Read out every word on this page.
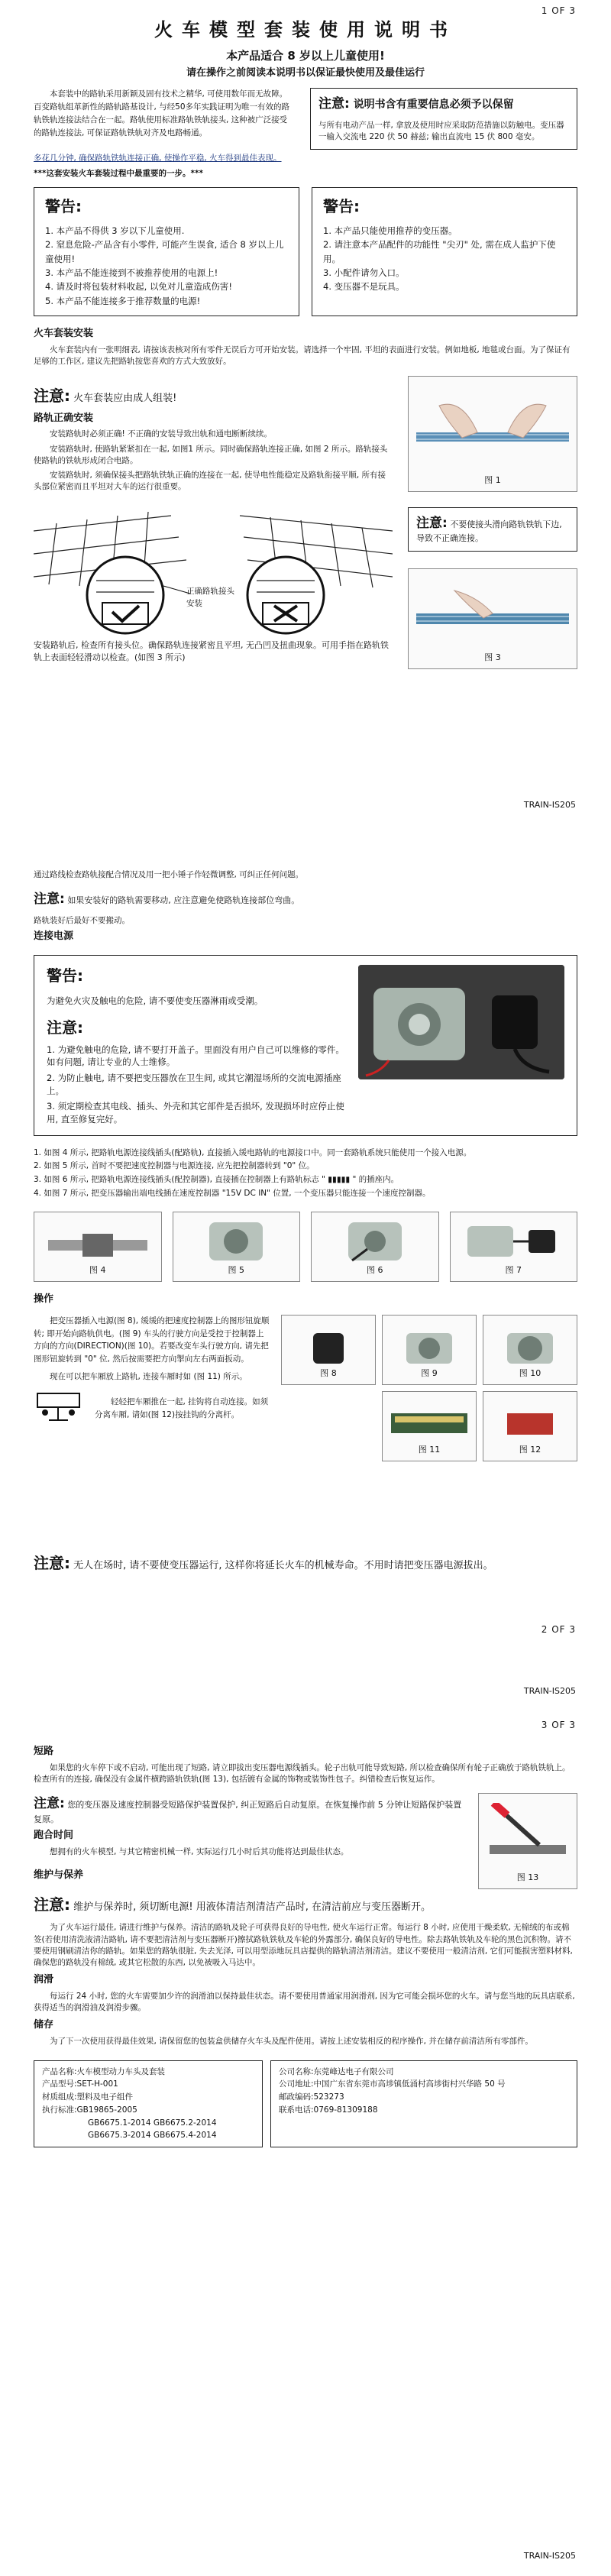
1 OF 3
火车模型套装使用说明书
本产品适合 8 岁以上儿童使用!
请在操作之前阅读本说明书以保证最快使用及最佳运行
本套装中的路轨采用新颖及固有技术之精华, 可使用数年而无故障。百变路轨组革新性的路轨路基设计, 与经50多年实践证明为唯一有效的路轨铁轨连接法结合在一起。路轨使用标准路轨铁轨接头, 这种被广泛接受的路轨连接法, 可保证路轨铁轨对齐及电路畅通。
注意: 说明书含有重要信息必须予以保留
与所有电动产品一样, 拿放及使用时应采取防范措施以防触电。变压器一输入交流电 220 伏 50 赫兹; 输出直流电 15 伏 800 毫安。
多花几分钟, 确保路轨铁轨连接正确, 使操作平稳, 火车得到最佳表现。
***这套安装火车套装过程中最重要的一步。***
警告:
1. 本产品不得供 3 岁以下儿童使用.
2. 窒息危险-产品含有小零件, 可能产生误食, 适合 8 岁以上儿童使用!
3. 本产品不能连接到不被推荐使用的电源上!
4. 请及时将包装材料收起, 以免对儿童造成伤害!
5. 本产品不能连接多于推荐数量的电源!
警告:
1. 本产品只能使用推荐的变压器。
2. 请注意本产品配件的功能性 "尖刃" 处, 需在成人监护下使用。
3. 小配件请勿入口。
4. 变压器不是玩具。
火车套装安装
火车套装内有一张明细表, 请按该表核对所有零件无误后方可开始安装。请选择一个牢固, 平坦的表面进行安装。例如地板, 地毯或台面。为了保证有足够的工作区, 建议先把路轨按您喜欢的方式大致放好。
注意: 火车套装应由成人组装!
路轨正确安装
安装路轨时必须正确! 不正确的安装导致出轨和通电断断续续。
安装路轨时, 使路轨紧紧扣在一起, 如图1 所示。同时确保路轨连接正确, 如图 2 所示。路轨接头使路轨的铁轨形成闭合电路。
安装路轨时, 须确保接头把路轨铁轨正确的连接在一起, 使导电性能稳定及路轨衔接平顺, 所有接头部位紧密而且平坦对大车的运行很重要。
正确路轨接头安装
安装路轨后, 检查所有接头位。确保路轨连接紧密且平坦, 无凸凹及扭曲现象。可用手指在路轨铁轨上表面轻轻滑动以检查。(如图 3 所示)
图 1
注意: 不要使接头滑向路轨铁轨下边, 导致不正确连接。
图 3
TRAIN-IS205
2 OF 3
通过路线检查路轨接配合情况及用一把小锤子作轻微调整, 可纠正任何问题。
注意: 如果安装好的路轨需要移动, 应注意避免使路轨连接部位弯曲。
路轨装好后最好不要搬动。
连接电源
警告:
为避免火灾及触电的危险, 请不要使变压器淋雨或受潮。
注意:
1. 为避免触电的危险, 请不要打开盖子。里面没有用户自己可以维修的零件。如有问题, 请让专业的人士维修。
2. 为防止触电, 请不要把变压器放在卫生间, 或其它潮湿场所的交流电源插座上。
3. 须定期检查其电线、插头、外壳和其它部件是否损坏, 发现损坏时应停止使用, 直至修复完好。
1. 如图 4 所示, 把路轨电源连接线插头(配路轨), 直接插入缓电路轨的电源接口中。同一套路轨系统只能使用一个接入电源。
2. 如图 5 所示, 首时不要把速度控制器与电源连接, 应先把控制器转到 "0" 位。
3. 如图 6 所示, 把路轨电源连接线插头(配控制器), 直接插在控制器上有路轨标志 " ▮▮▮▮▮ " 的插座内。
4. 如图 7 所示, 把变压器输出端电线插在速度控制器 "15V DC IN" 位置, 一个变压器只能连接一个速度控制器。
图 4	图 5	图 6	图 7
操作
把变压器插入电源(图 8), 缓缓的把速度控制器上的图形钮旋顺转; 即开始向路轨供电。(图 9) 车头的行驶方向是受控于控制器上方向的方向(DIRECTION)(图 10)。若要改变车头行驶方向, 请先把图形钮旋转到 "0" 位, 然后按需要把方向掣向左右两面扳动。
现在可以把车厢放上路轨, 连接车厢时如 (图 11) 所示。
轻轻把车厢推在一起, 挂钩将自动连接。如须分离车厢, 请如(图 12)按挂钩的分离杆。
图 8	图 9	图 10
图 11	图 12
注意: 无人在场时, 请不要使变压器运行, 这样你将延长火车的机械寿命。不用时请把变压器电源拔出。
TRAIN-IS205
3 OF 3
短路
如果您的火车停下或不启动, 可能出现了短路, 请立即拔出变压器电源线插头。轮子出轨可能导致短路, 所以检查确保所有轮子正确放于路轨铁轨上。检查所有的连接, 确保没有金属件横跨路轨铁轨(图 13), 包括镀有金属的饰物或装饰性包子。纠错检查后恢复运作。
注意: 您的变压器及速度控制器受短路保护装置保护, 纠正短路后自动复原。在恢复操作前 5 分钟让短路保护装置复原。
跑合时间
想拥有的火车模型, 与其它精密机械一样, 实际运行几小时后其功能将达到最佳状态。
维护与保养	图 13
注意: 维护与保养时, 须切断电源! 用液体清洁剂清洁产品时, 在清洁前应与变压器断开。
为了火车运行最佳, 请进行维护与保养。清洁的路轨及轮子可获得良好的导电性, 使火车运行正常。每运行 8 小时, 应使用干燥柔软, 无棉绒的布或棉签(若使用清洗液清洁路轨, 请不要把清洁剂与变压器断开)擦拭路轨铁轨及车轮的外露部分, 确保良好的导电性。除去路轨铁轨及车轮的黑色沉积物。请不要使用钢刷清洁你的路轨。如果您的路轨很脏, 失去光泽, 可以用型添地玩具店提供的路轨清洁剂清洁。建议不要使用一般清洁剂, 它们可能损害塑料材料, 确保您的路轨没有棉绒, 或其它松散的东西, 以免被吸入马达中。
润滑
每运行 24 小时, 您的火车需要加少许的润滑油以保持最佳状态。请不要使用普通家用润滑剂, 因为它可能会损坏您的火车。请与您当地的玩具店联系, 获得适当的润滑油及润滑步骤。
储存
为了下一次使用获得最佳效果, 请保留您的包装盒供储存火车头及配件使用。请按上述安装相反的程序操作, 并在储存前清洁所有零部件。
产品名称: 火车模型动力车头及套装
产品型号: SET-H-001
材质组成: 塑料及电子组件
执行标准: GB19865-2005
GB6675.1-2014 GB6675.2-2014
GB6675.3-2014 GB6675.4-2014
公司名称: 东莞峰达电子有限公司
公司地址: 中国广东省东莞市高埗镇低涌村高埗街村兴华路 50 号
邮政编码: 523273
联系电话: 0769-81309188
TRAIN-IS205
